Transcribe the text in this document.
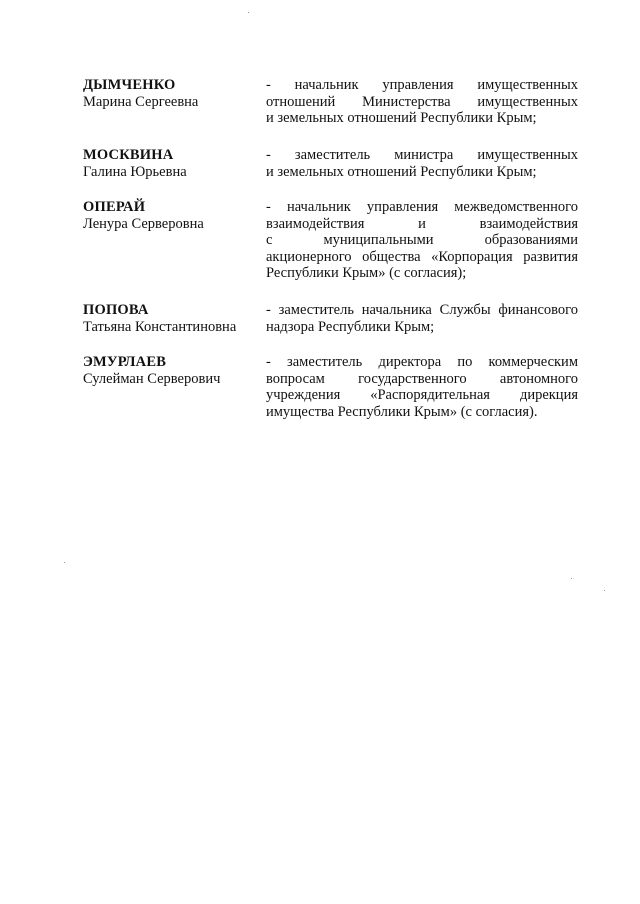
ДЫМЧЕНКО
Марина Сергеевна
- начальник управления имущественных
отношений Министерства имущественных
и земельных отношений Республики Крым;
МОСКВИНА
Галина Юрьевна
- заместитель министра имущественных
и земельных отношений Республики Крым;
ОПЕРАЙ
Ленура Серверовна
- начальник управления межведомственного
взаимодействия и взаимодействия
с муниципальными образованиями
акционерного общества «Корпорация развития
Республики Крым» (с согласия);
ПОПОВА
Татьяна Константиновна
- заместитель начальника Службы финансового
надзора Республики Крым;
ЭМУРЛАЕВ
Сулейман Серверович
- заместитель директора по коммерческим
вопросам государственного автономного
учреждения «Распорядительная дирекция
имущества Республики Крым» (с согласия).
